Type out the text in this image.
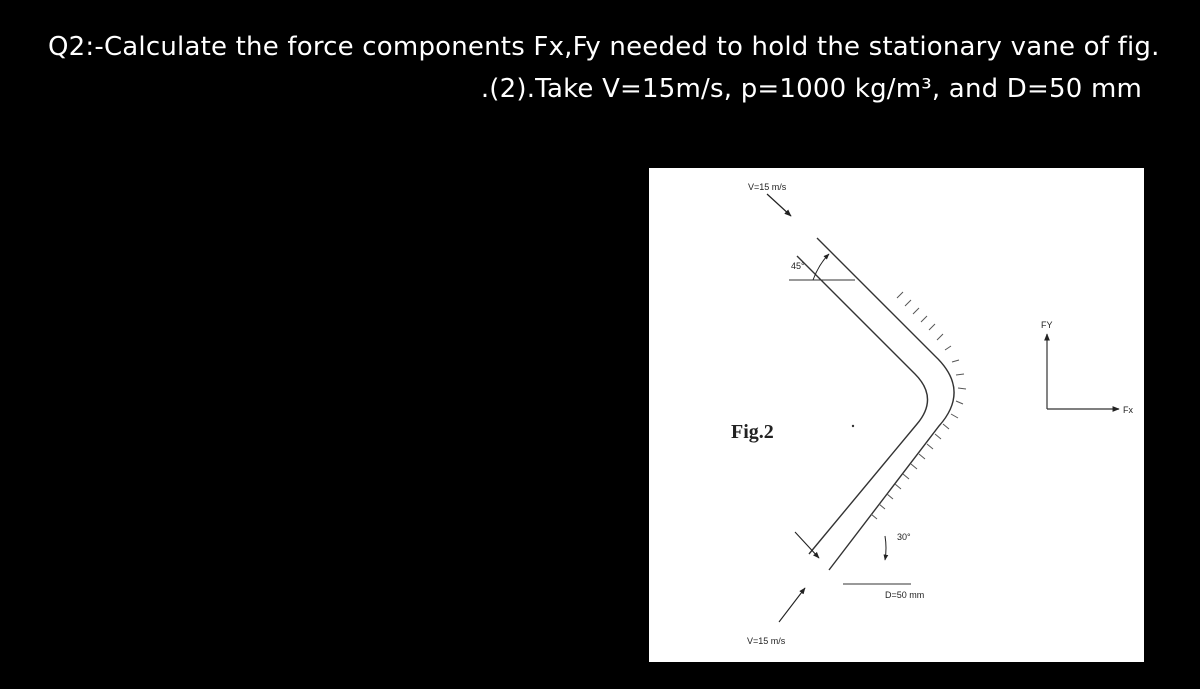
Q2:-Calculate the force components Fx,Fy needed to hold the stationary vane of fig.
.(2).Take V=15m/s, p=1000 kg/m³, and D=50 mm
V=15 m/s
45°
30°
D=50 mm
V=15 m/s
Fig.2
FY
Fx
